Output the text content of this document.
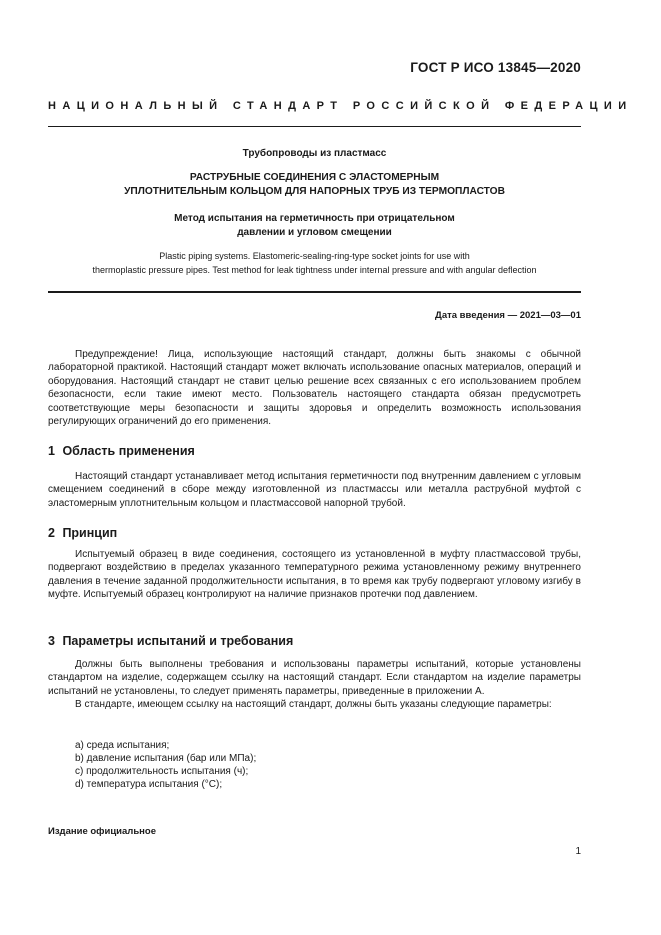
ГОСТ Р ИСО 13845—2020
НАЦИОНАЛЬНЫЙ СТАНДАРТ РОССИЙСКОЙ ФЕДЕРАЦИИ
Трубопроводы из пластмасс
РАСТРУБНЫЕ СОЕДИНЕНИЯ С ЭЛАСТОМЕРНЫМ
УПЛОТНИТЕЛЬНЫМ КОЛЬЦОМ ДЛЯ НАПОРНЫХ ТРУБ ИЗ ТЕРМОПЛАСТОВ
Метод испытания на герметичность при отрицательном
давлении и угловом смещении
Plastic piping systems. Elastomeric-sealing-ring-type socket joints for use with
thermoplastic pressure pipes. Test method for leak tightness under internal pressure and with angular deflection
Дата введения — 2021—03—01

Предупреждение! Лица, использующие настоящий стандарт, должны быть знакомы с обычной лабораторной практикой. Настоящий стандарт может включать использование опасных материалов, операций и оборудования. Настоящий стандарт не ставит целью решение всех связанных с его использованием проблем безопасности, если такие имеют место. Пользователь настоящего стандарта обязан предусмотреть соответствующие меры безопасности и защиты здоровья и определить возможность использования регулирующих ограничений до его применения.

1 Область применения

Настоящий стандарт устанавливает метод испытания герметичности под внутренним давлением с угловым смещением соединений в сборе между изготовленной из пластмассы или металла раструбной муфтой с эластомерным уплотнительным кольцом и пластмассовой напорной трубой.

2 Принцип

Испытуемый образец в виде соединения, состоящего из установленной в муфту пластмассовой трубы, подвергают воздействию в пределах указанного температурного режима установленному режиму внутреннего давления в течение заданной продолжительности испытания, в то время как трубу подвергают угловому изгибу в муфте. Испытуемый образец контролируют на наличие признаков протечки под давлением.

3 Параметры испытаний и требования

Должны быть выполнены требования и использованы параметры испытаний, которые установлены стандартом на изделие, содержащем ссылку на настоящий стандарт. Если стандартом на изделие параметры испытаний не установлены, то следует применять параметры, приведенные в приложении А.

В стандарте, имеющем ссылку на настоящий стандарт, должны быть указаны следующие параметры:

a) среда испытания;
b) давление испытания (бар или МПа);
c) продолжительность испытания (ч);
d) температура испытания (°С);
Издание официальное
1
